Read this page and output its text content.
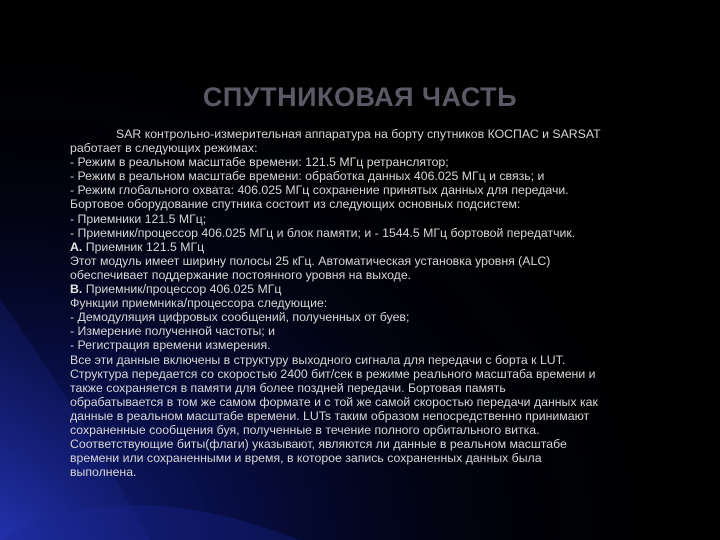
СПУТНИКОВАЯ ЧАСТЬ
SAR контрольно-измерительная аппаратура на борту спутников КОСПАС и SARSAT
работает в следующих режимах:
- Режим в реальном масштабе времени: 121.5 МГц ретранслятор;
- Режим в реальном масштабе времени: обработка данных 406.025 МГц и связь; и
- Режим глобального охвата: 406.025 МГц сохранение принятых данных для передачи.
Бортовое оборудование спутника состоит из следующих основных подсистем:
- Приемники 121.5 МГц;
- Приемник/процессор 406.025 МГц и блок памяти; и - 1544.5 МГц бортовой передатчик.
A. Приемник 121.5 МГц
Этот модуль имеет ширину полосы 25 кГц. Автоматическая установка уровня (ALC)
обеспечивает поддержание постоянного уровня на выходе.
B. Приемник/процессор 406.025 МГц
Функции приемника/процессора следующие:
- Демодуляция цифровых сообщений, полученных от буев;
- Измерение полученной частоты; и
- Регистрация времени измерения.
Все эти данные включены в структуру выходного сигнала для передачи с борта к LUT.
Структура передается со скоростью 2400 бит/сек в режиме реального масштаба времени и
также сохраняется в памяти для более поздней передачи. Бортовая память
обрабатывается в том же самом формате и с той же самой скоростью передачи данных как
данные в реальном масштабе времени. LUTs таким образом непосредственно принимают
сохраненные сообщения буя, полученные в течение полного орбитального витка.
Соответствующие биты(флаги) указывают, являются ли данные в реальном масштабе
времени или сохраненными и время, в которое запись сохраненных данных была
выполнена.
